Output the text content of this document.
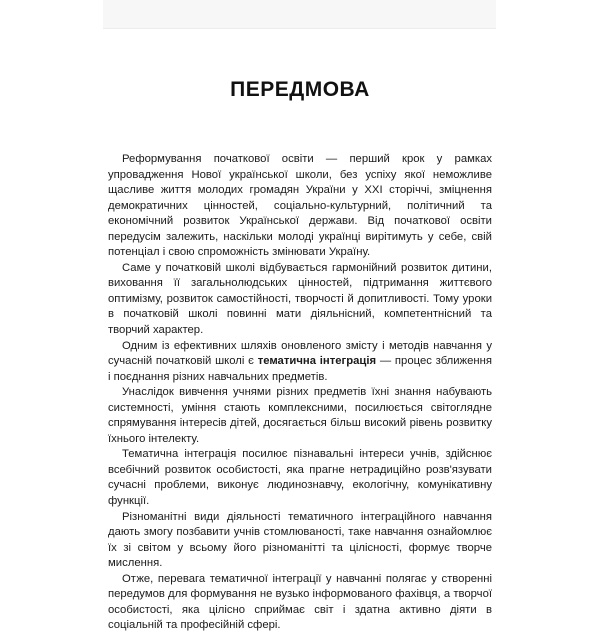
ПЕРЕДМОВА

Реформування початкової освіти — перший крок у рамках упровадження Нової української школи, без успіху якої неможливе щасливе життя молодих громадян України у ХХІ сторіччі, зміцнення демократичних цінностей, соціально-культурний, політичний та економічний розвиток Української держави. Від початкової освіти передусім залежить, наскільки молоді українці вирітимуть у себе, свій потенціал і свою спроможність змінювати Україну.

Саме у початковій школі відбувається гармонійний розвиток дитини, виховання її загальнолюдських цінностей, підтримання життєвого оптимізму, розвиток самостійності, творчості й допитливості. Тому уроки в початковій школі повинні мати діяльнісний, компетентнісний та творчий характер.

Одним із ефективних шляхів оновленого змісту і методів навчання у сучасній початковій школі є тематична інтеграція — процес зближення і поєднання різних навчальних предметів.

Унаслідок вивчення учнями різних предметів їхні знання набувають системності, уміння стають комплексними, посилюється світоглядне спрямування інтересів дітей, досягається більш високий рівень розвитку їхнього інтелекту.

Тематична інтеграція посилює пізнавальні інтереси учнів, здійснює всебічний розвиток особистості, яка прагне нетрадиційно розв'язувати сучасні проблеми, виконує людинознавчу, екологічну, комунікативну функції.

Різноманітні види діяльності тематичного інтеграційного навчання дають змогу позбавити учнів стомлюваності, таке навчання ознайомлює їх зі світом у всьому його різноманітті та цілісності, формує творче мислення.

Отже, перевага тематичної інтеграції у навчанні полягає у створенні передумов для формування не вузько інформованого фахівця, а творчої особистості, яка цілісно сприймає світ і здатна активно діяти в соціальній та професійній сфері.
